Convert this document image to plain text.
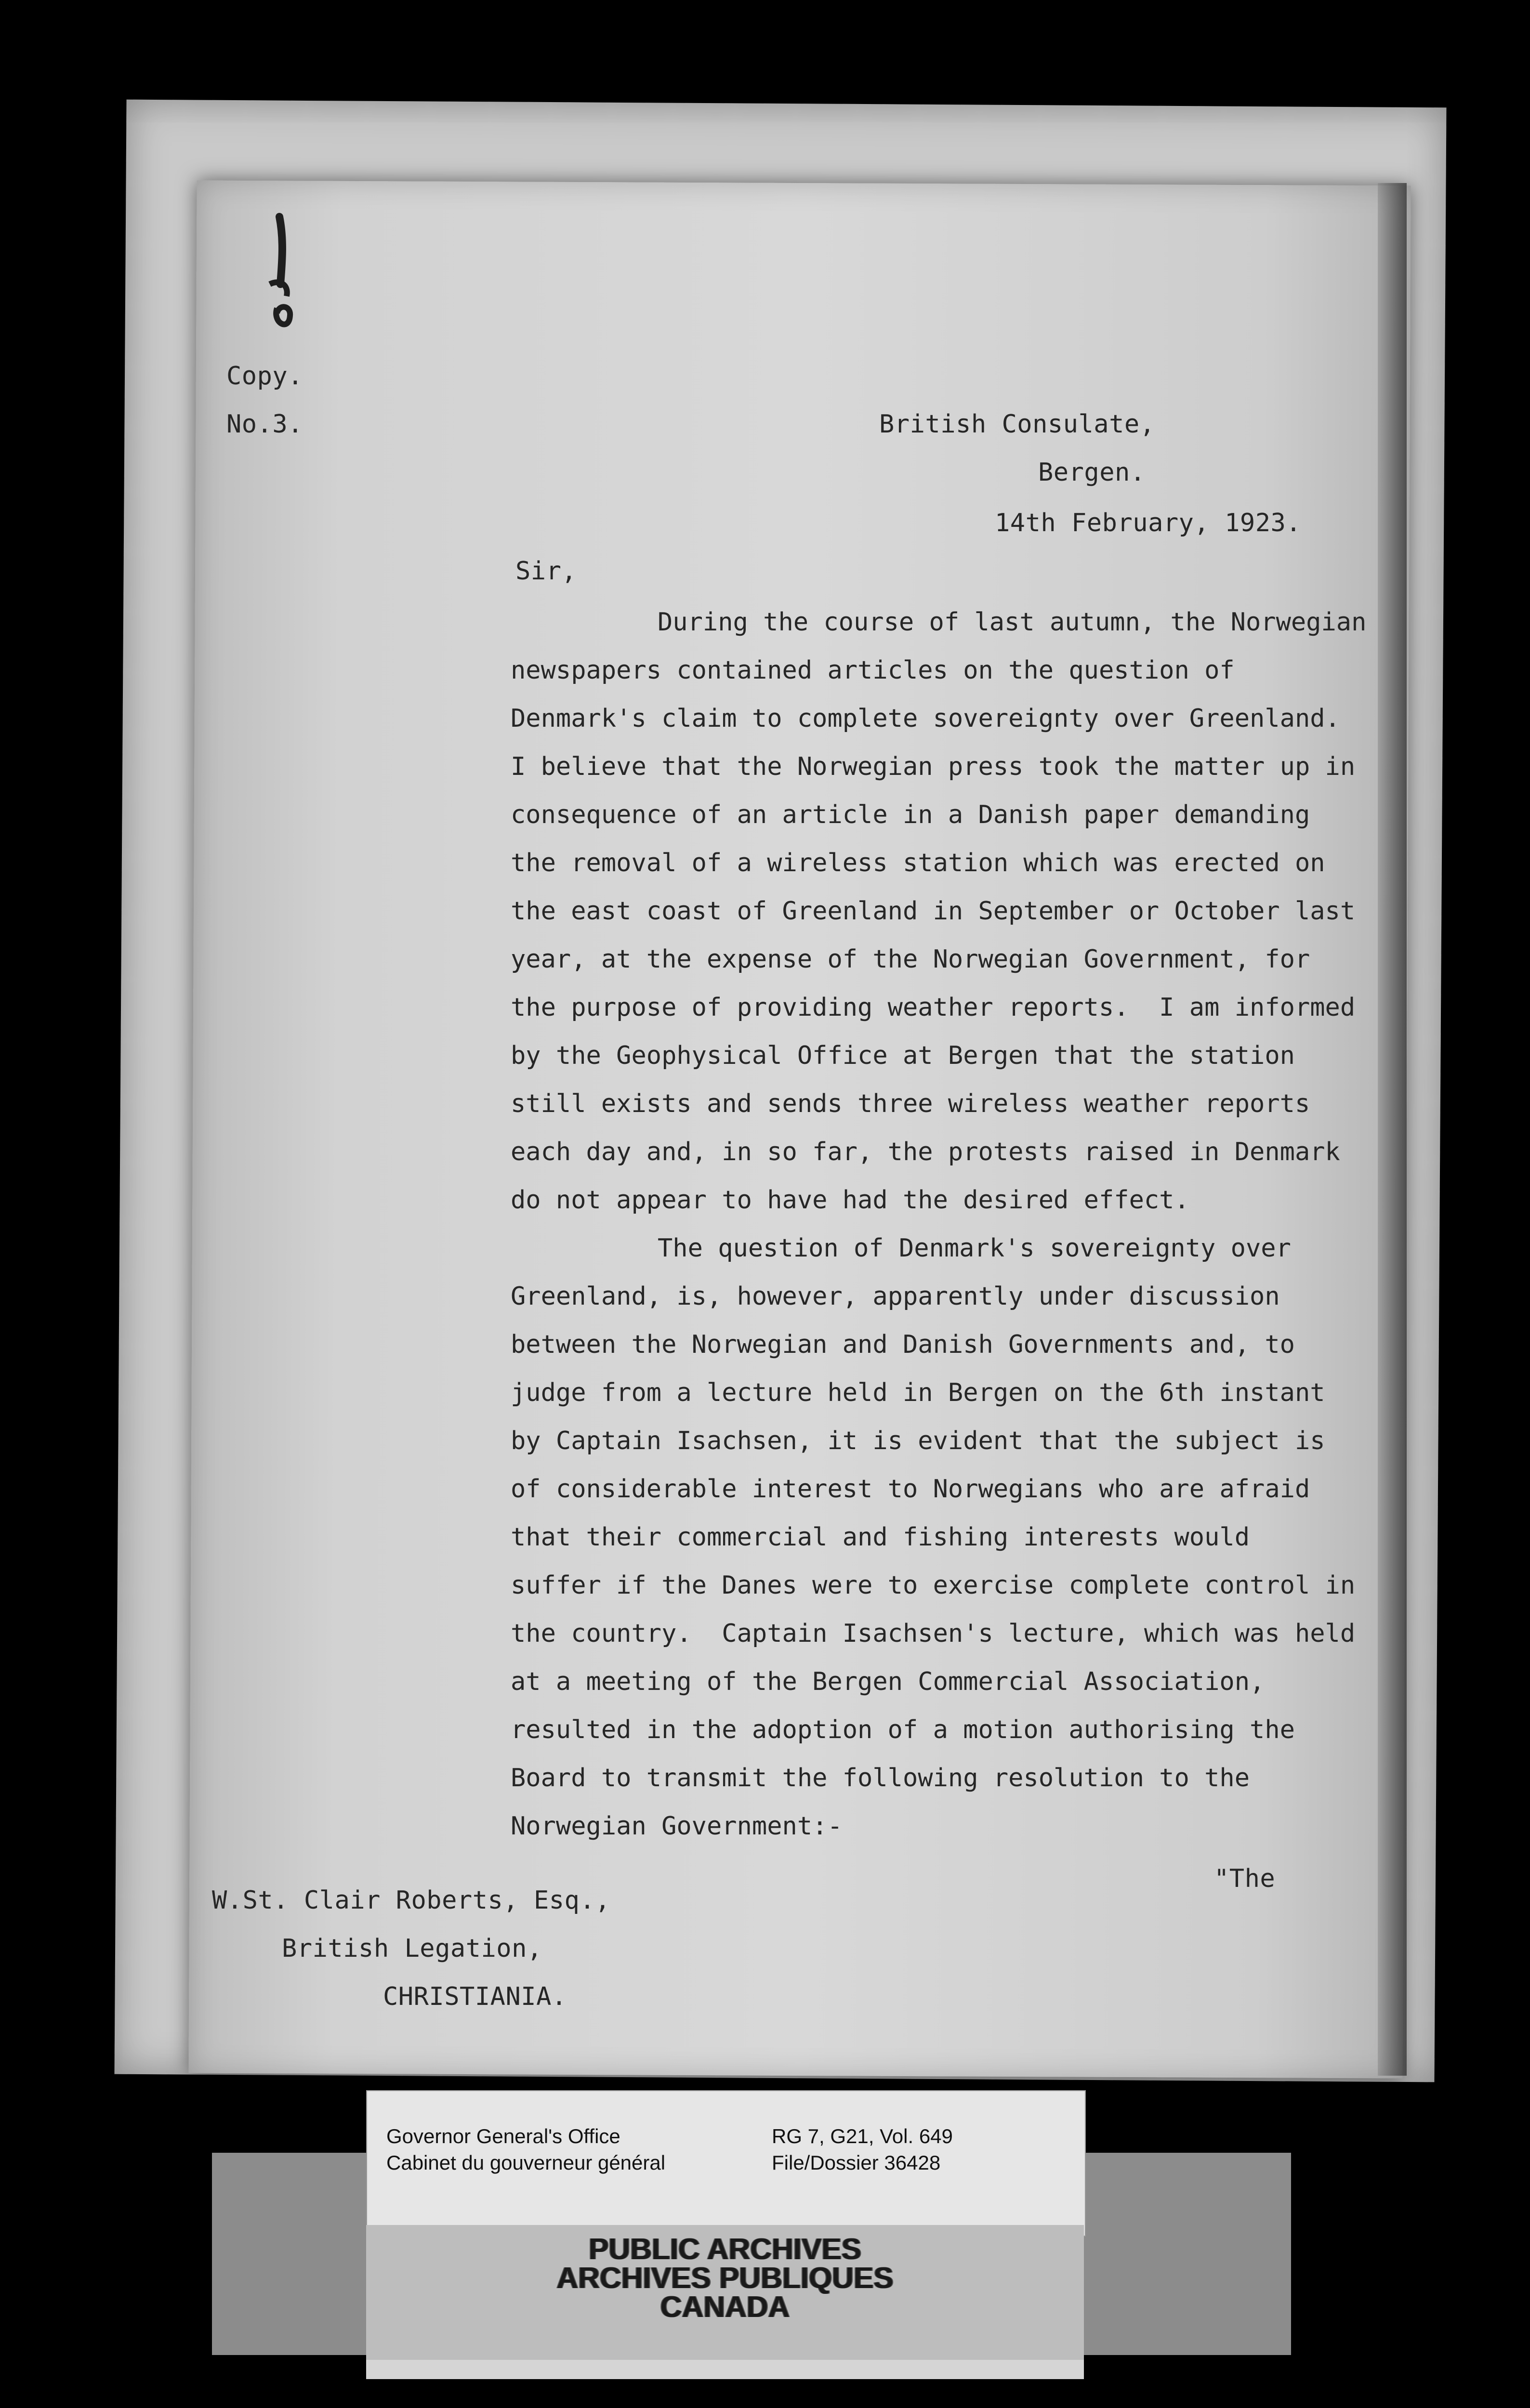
Copy.
No.3.	British Consulate,
Bergen.
14th February, 1923.
Sir,
During the course of last autumn, the Norwegian
newspapers contained articles on the question of
Denmark's claim to complete sovereignty over Greenland.
I believe that the Norwegian press took the matter up in
consequence of an article in a Danish paper demanding
the removal of a wireless station which was erected on
the east coast of Greenland in September or October last
year, at the expense of the Norwegian Government, for
the purpose of providing weather reports.  I am informed
by the Geophysical Office at Bergen that the station
still exists and sends three wireless weather reports
each day and, in so far, the protests raised in Denmark
do not appear to have had the desired effect.
The question of Denmark's sovereignty over
Greenland, is, however, apparently under discussion
between the Norwegian and Danish Governments and, to
judge from a lecture held in Bergen on the 6th instant
by Captain Isachsen, it is evident that the subject is
of considerable interest to Norwegians who are afraid
that their commercial and fishing interests would
suffer if the Danes were to exercise complete control in
the country.  Captain Isachsen's lecture, which was held
at a meeting of the Bergen Commercial Association,
resulted in the adoption of a motion authorising the
Board to transmit the following resolution to the
Norwegian Government:-
"The
W.St. Clair Roberts, Esq.,
British Legation,
CHRISTIANIA.
Governor General's Office
Cabinet du gouverneur général
RG 7, G21, Vol. 649
File/Dossier 36428
PUBLIC ARCHIVES
ARCHIVES PUBLIQUES
CANADA
